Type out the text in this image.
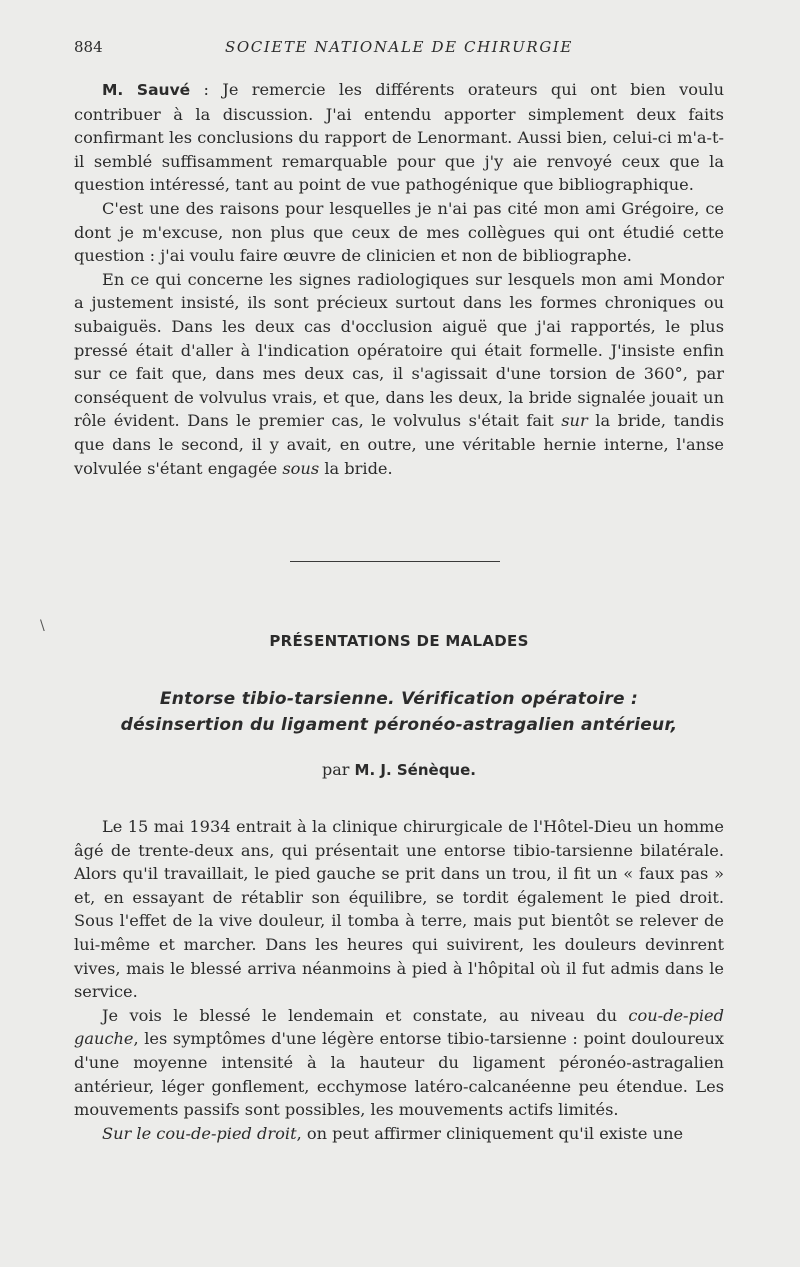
884	SOCIETE NATIONALE DE CHIRURGIE

M. Sauvé : Je remercie les différents orateurs qui ont bien voulu contribuer à la discussion. J'ai entendu apporter simplement deux faits confirmant les conclusions du rapport de Lenormant. Aussi bien, celui-ci m'a-t-il semblé suffisamment remarquable pour que j'y aie renvoyé ceux que la question intéressé, tant au point de vue pathogénique que bibliographique.

C'est une des raisons pour lesquelles je n'ai pas cité mon ami Grégoire, ce dont je m'excuse, non plus que ceux de mes collègues qui ont étudié cette question : j'ai voulu faire œuvre de clinicien et non de bibliographe.

En ce qui concerne les signes radiologiques sur lesquels mon ami Mondor a justement insisté, ils sont précieux surtout dans les formes chroniques ou subaiguës. Dans les deux cas d'occlusion aiguë que j'ai rapportés, le plus pressé était d'aller à l'indication opératoire qui était formelle. J'insiste enfin sur ce fait que, dans mes deux cas, il s'agissait d'une torsion de 360°, par conséquent de volvulus vrais, et que, dans les deux, la bride signalée jouait un rôle évident. Dans le premier cas, le volvulus s'était fait sur la bride, tandis que dans le second, il y avait, en outre, une véritable hernie interne, l'anse volvulée s'étant engagée sous la bride.

\
PRÉSENTATIONS DE MALADES
Entorse tibio-tarsienne. Vérification opératoire :
désinsertion du ligament péronéo-astragalien antérieur,
par M. J. Sénèque.

Le 15 mai 1934 entrait à la clinique chirurgicale de l'Hôtel-Dieu un homme âgé de trente-deux ans, qui présentait une entorse tibio-tarsienne bilatérale. Alors qu'il travaillait, le pied gauche se prit dans un trou, il fit un « faux pas » et, en essayant de rétablir son équilibre, se tordit également le pied droit. Sous l'effet de la vive douleur, il tomba à terre, mais put bientôt se relever de lui-même et marcher. Dans les heures qui suivirent, les douleurs devinrent vives, mais le blessé arriva néanmoins à pied à l'hôpital où il fut admis dans le service.

Je vois le blessé le lendemain et constate, au niveau du cou-de-pied gauche, les symptômes d'une légère entorse tibio-tarsienne : point douloureux d'une moyenne intensité à la hauteur du ligament péronéo-astragalien antérieur, léger gonflement, ecchymose latéro-calcanéenne peu étendue. Les mouvements passifs sont possibles, les mouvements actifs limités.

Sur le cou-de-pied droit, on peut affirmer cliniquement qu'il existe une
